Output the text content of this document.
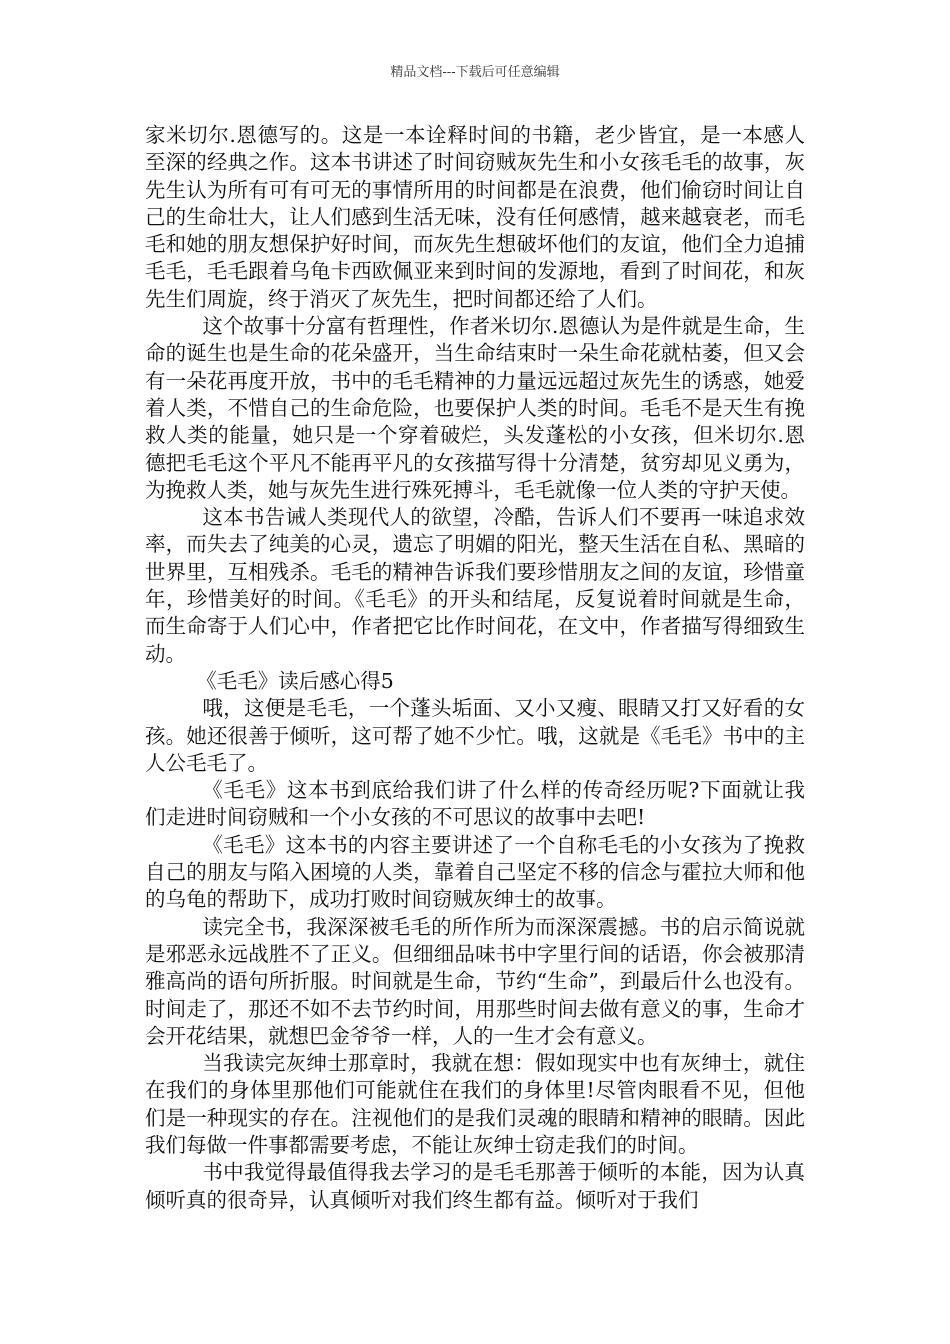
精品文档---下载后可任意编辑

家米切尔.恩德写的。这是一本诠释时间的书籍，老少皆宜，是一本感人至深的经典之作。这本书讲述了时间窃贼灰先生和小女孩毛毛的故事，灰先生认为所有可有可无的事情所用的时间都是在浪费，他们偷窃时间让自己的生命壮大，让人们感到生活无味，没有任何感情，越来越衰老，而毛毛和她的朋友想保护好时间，而灰先生想破坏他们的友谊，他们全力追捕毛毛，毛毛跟着乌龟卡西欧佩亚来到时间的发源地，看到了时间花，和灰先生们周旋，终于消灭了灰先生，把时间都还给了人们。

这个故事十分富有哲理性，作者米切尔.恩德认为是件就是生命，生命的诞生也是生命的花朵盛开，当生命结束时一朵生命花就枯萎，但又会有一朵花再度开放，书中的毛毛精神的力量远远超过灰先生的诱惑，她爱着人类，不惜自己的生命危险，也要保护人类的时间。毛毛不是天生有挽救人类的能量，她只是一个穿着破烂，头发蓬松的小女孩，但米切尔.恩德把毛毛这个平凡不能再平凡的女孩描写得十分清楚，贫穷却见义勇为，为挽救人类，她与灰先生进行殊死搏斗，毛毛就像一位人类的守护天使。

这本书告诫人类现代人的欲望，冷酷，告诉人们不要再一味追求效率，而失去了纯美的心灵，遗忘了明媚的阳光，整天生活在自私、黑暗的世界里，互相残杀。毛毛的精神告诉我们要珍惜朋友之间的友谊，珍惜童年，珍惜美好的时间。《毛毛》的开头和结尾，反复说着时间就是生命，而生命寄于人们心中，作者把它比作时间花，在文中，作者描写得细致生动。

《毛毛》读后感心得5

哦，这便是毛毛，一个蓬头垢面、又小又瘦、眼睛又打又好看的女孩。她还很善于倾听，这可帮了她不少忙。哦，这就是《毛毛》书中的主人公毛毛了。

《毛毛》这本书到底给我们讲了什么样的传奇经历呢?下面就让我们走进时间窃贼和一个小女孩的不可思议的故事中去吧!

《毛毛》这本书的内容主要讲述了一个自称毛毛的小女孩为了挽救自己的朋友与陷入困境的人类，靠着自己坚定不移的信念与霍拉大师和他的乌龟的帮助下，成功打败时间窃贼灰绅士的故事。

读完全书，我深深被毛毛的所作所为而深深震撼。书的启示简说就是邪恶永远战胜不了正义。但细细品味书中字里行间的话语，你会被那清雅高尚的语句所折服。时间就是生命，节约“生命”，到最后什么也没有。时间走了，那还不如不去节约时间，用那些时间去做有意义的事，生命才会开花结果，就想巴金爷爷一样，人的一生才会有意义。

当我读完灰绅士那章时，我就在想：假如现实中也有灰绅士，就住在我们的身体里那他们可能就住在我们的身体里!尽管肉眼看不见，但他们是一种现实的存在。注视他们的是我们灵魂的眼睛和精神的眼睛。因此我们每做一件事都需要考虑，不能让灰绅士窃走我们的时间。

书中我觉得最值得我去学习的是毛毛那善于倾听的本能，因为认真倾听真的很奇异，认真倾听对我们终生都有益。倾听对于我们
